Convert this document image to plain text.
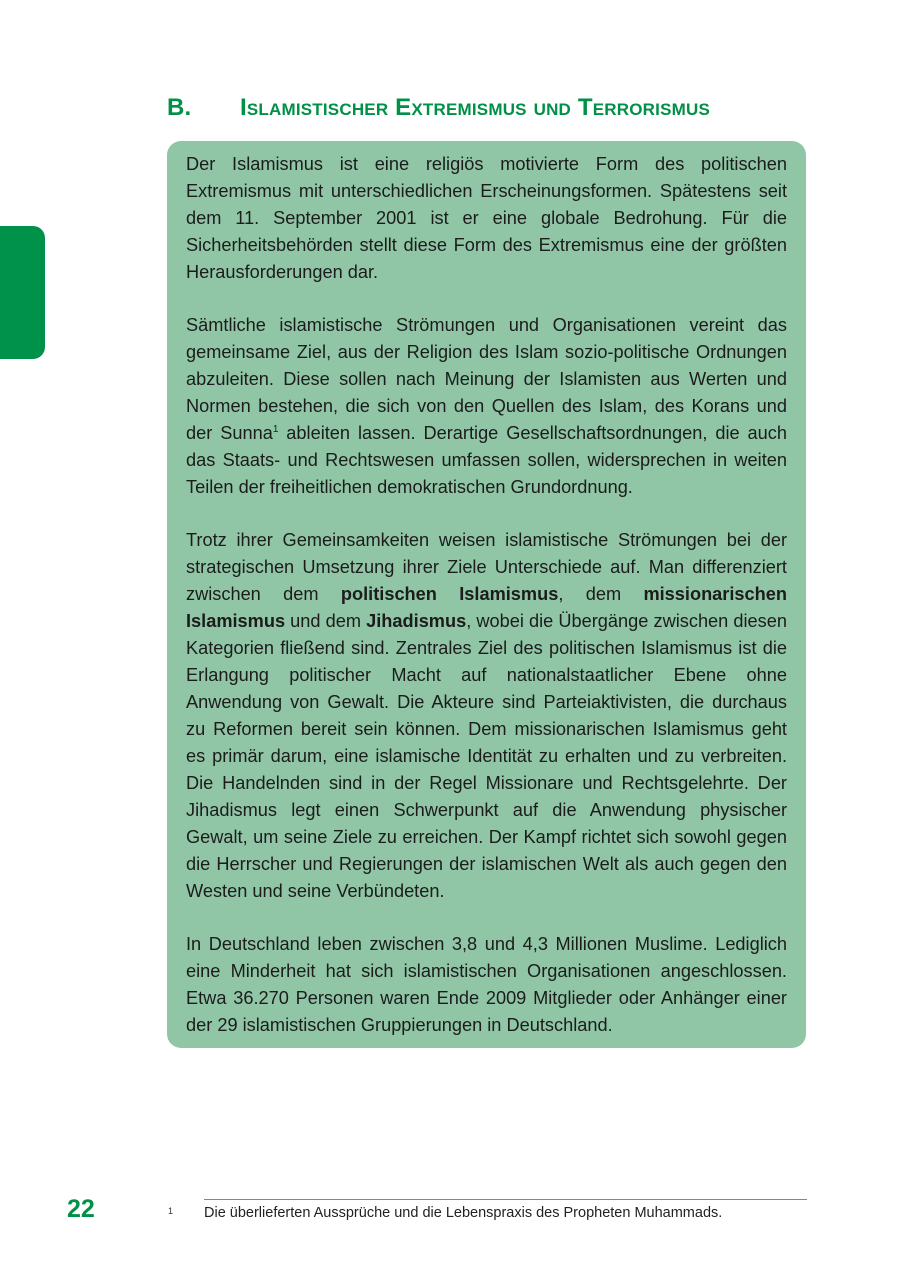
B. Islamistischer Extremismus und Terrorismus

Der Islamismus ist eine religiös motivierte Form des politischen Extremismus mit unterschiedlichen Erscheinungsformen. Spätestens seit dem 11. September 2001 ist er eine globale Bedrohung. Für die Sicherheitsbehörden stellt diese Form des Extremismus eine der größten Herausforderungen dar.

Sämtliche islamistische Strömungen und Organisationen vereint das gemeinsame Ziel, aus der Religion des Islam sozio-politische Ordnungen abzuleiten. Diese sollen nach Meinung der Islamisten aus Werten und Normen bestehen, die sich von den Quellen des Islam, des Korans und der Sunna$^1$ ableiten lassen. Derartige Gesellschaftsordnungen, die auch das Staats- und Rechtswesen umfassen sollen, widersprechen in weiten Teilen der freiheitlichen demokratischen Grundordnung.

Trotz ihrer Gemeinsamkeiten weisen islamistische Strömungen bei der strategischen Umsetzung ihrer Ziele Unterschiede auf. Man differenziert zwischen dem politischen Islamismus, dem missionarischen Islamismus und dem Jihadismus, wobei die Übergänge zwischen diesen Kategorien fließend sind. Zentrales Ziel des politischen Islamismus ist die Erlangung politischer Macht auf nationalstaatlicher Ebene ohne Anwendung von Gewalt. Die Akteure sind Parteiaktivisten, die durchaus zu Reformen bereit sein können. Dem missionarischen Islamismus geht es primär darum, eine islamische Identität zu erhalten und zu verbreiten. Die Handelnden sind in der Regel Missionare und Rechtsgelehrte. Der Jihadismus legt einen Schwerpunkt auf die Anwendung physischer Gewalt, um seine Ziele zu erreichen. Der Kampf richtet sich sowohl gegen die Herrscher und Regierungen der islamischen Welt als auch gegen den Westen und seine Verbündeten.

In Deutschland leben zwischen 3,8 und 4,3 Millionen Muslime. Lediglich eine Minderheit hat sich islamistischen Organisationen angeschlossen. Etwa 36.270 Personen waren Ende 2009 Mitglieder oder Anhänger einer der 29 islamistischen Gruppierungen in Deutschland.

22	1 Die überlieferten Aussprüche und die Lebenspraxis des Propheten Muhammads.
